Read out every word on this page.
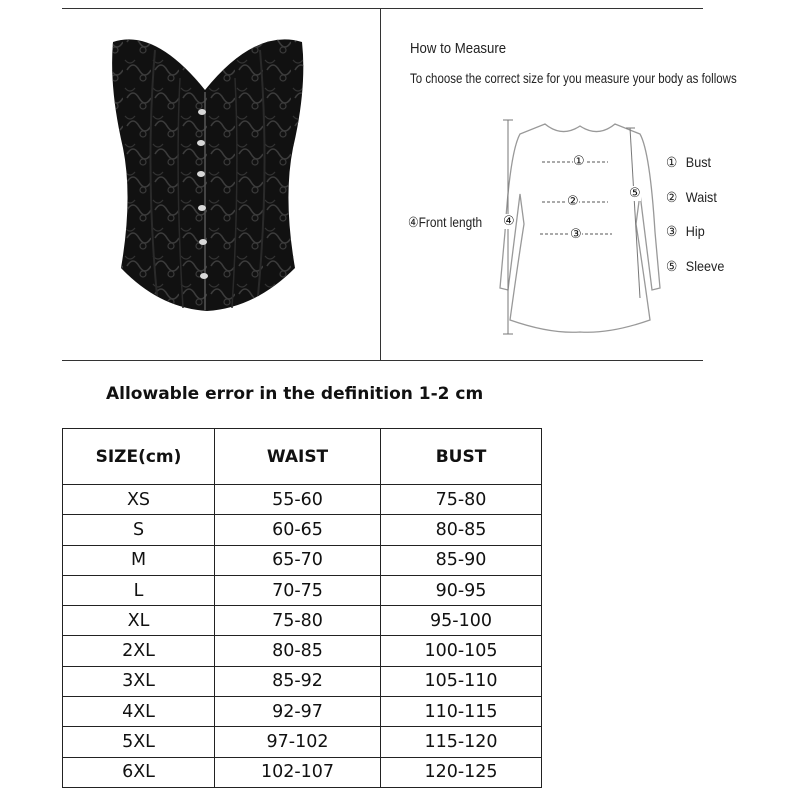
How to Measure
To choose the correct size for you measure your body as follows
①
②
③
④
⑤
④Front length
① Bust
② Waist
③ Hip
⑤ Sleeve
Allowable error in the definition 1-2 cm
SIZE(cm)	WAIST	BUST
XS	55-60	75-80
S	60-65	80-85
M	65-70	85-90
L	70-75	90-95
XL	75-80	95-100
2XL	80-85	100-105
3XL	85-92	105-110
4XL	92-97	110-115
5XL	97-102	115-120
6XL	102-107	120-125
